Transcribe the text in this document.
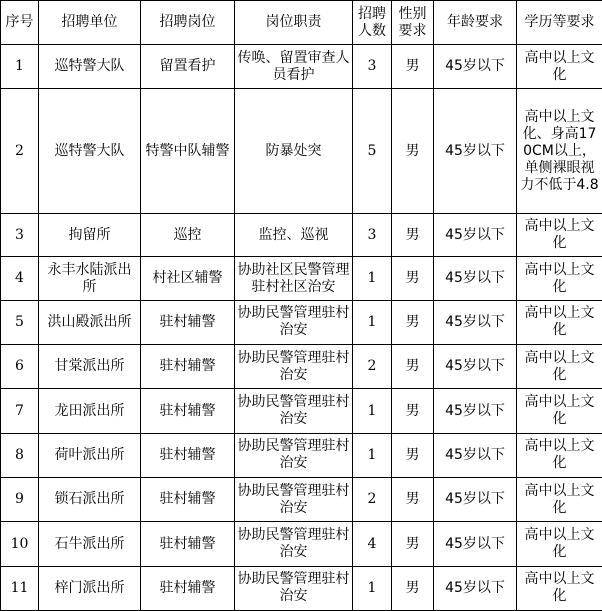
序号	招聘单位	招聘岗位	岗位职责	招聘人数	性别要求	年龄要求	学历等要求
1	巡特警大队	留置看护	传唤、留置审查人员看护	3	男	45岁以下	高中以上文化
2	巡特警大队	特警中队辅警	防暴处突	5	男	45岁以下	高中以上文化、身高170CM以上，单侧裸眼视力不低于4.8
3	拘留所	巡控	监控、巡视	3	男	45岁以下	高中以上文化
4	永丰水陆派出所	村社区辅警	协助社区民警管理驻村社区治安	1	男	45岁以下	高中以上文化
5	洪山殿派出所	驻村辅警	协助民警管理驻村治安	1	男	45岁以下	高中以上文化
6	甘棠派出所	驻村辅警	协助民警管理驻村治安	2	男	45岁以下	高中以上文化
7	龙田派出所	驻村辅警	协助民警管理驻村治安	1	男	45岁以下	高中以上文化
8	荷叶派出所	驻村辅警	协助民警管理驻村治安	1	男	45岁以下	高中以上文化
9	锁石派出所	驻村辅警	协助民警管理驻村治安	2	男	45岁以下	高中以上文化
10	石牛派出所	驻村辅警	协助民警管理驻村治安	4	男	45岁以下	高中以上文化
11	梓门派出所	驻村辅警	协助民警管理驻村治安	1	男	45岁以下	高中以上文化
